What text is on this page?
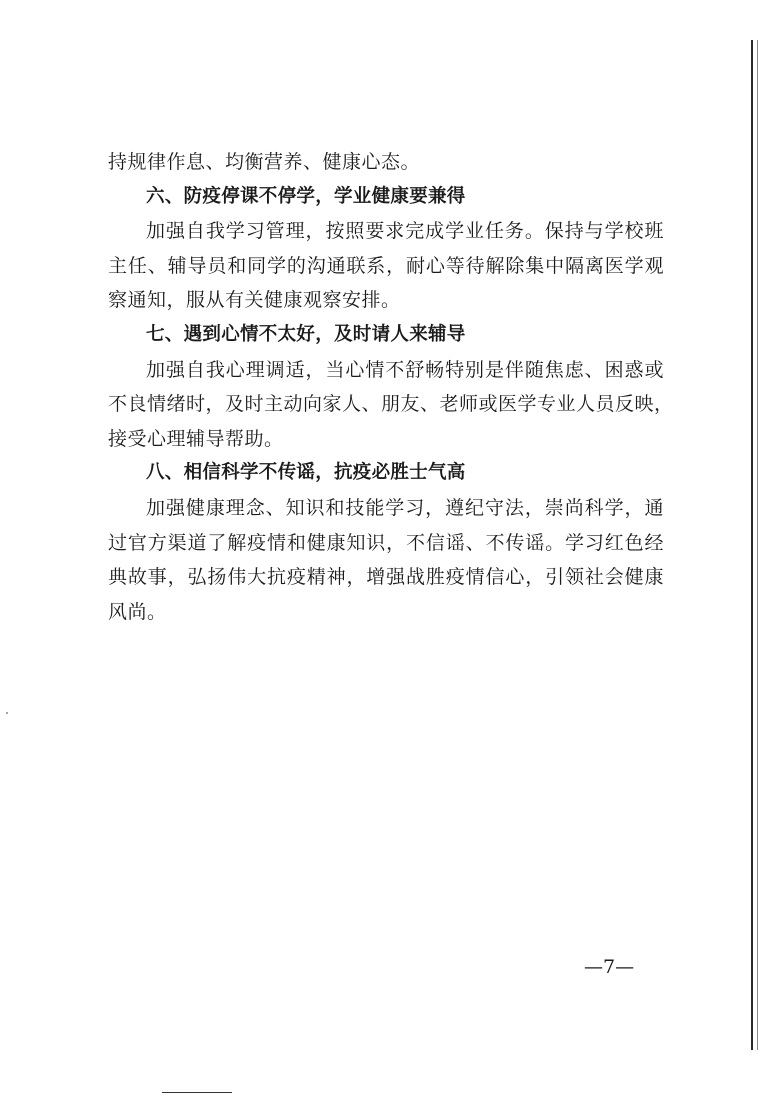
持规律作息、均衡营养、健康心态。
六、防疫停课不停学，学业健康要兼得
加强自我学习管理，按照要求完成学业任务。保持与学校班
主任、辅导员和同学的沟通联系，耐心等待解除集中隔离医学观
察通知，服从有关健康观察安排。
七、遇到心情不太好，及时请人来辅导
加强自我心理调适，当心情不舒畅特别是伴随焦虑、困惑或
不良情绪时，及时主动向家人、朋友、老师或医学专业人员反映，
接受心理辅导帮助。
八、相信科学不传谣，抗疫必胜士气高
加强健康理念、知识和技能学习，遵纪守法，崇尚科学，通
过官方渠道了解疫情和健康知识，不信谣、不传谣。学习红色经
典故事，弘扬伟大抗疫精神，增强战胜疫情信心，引领社会健康
风尚。
—7—
